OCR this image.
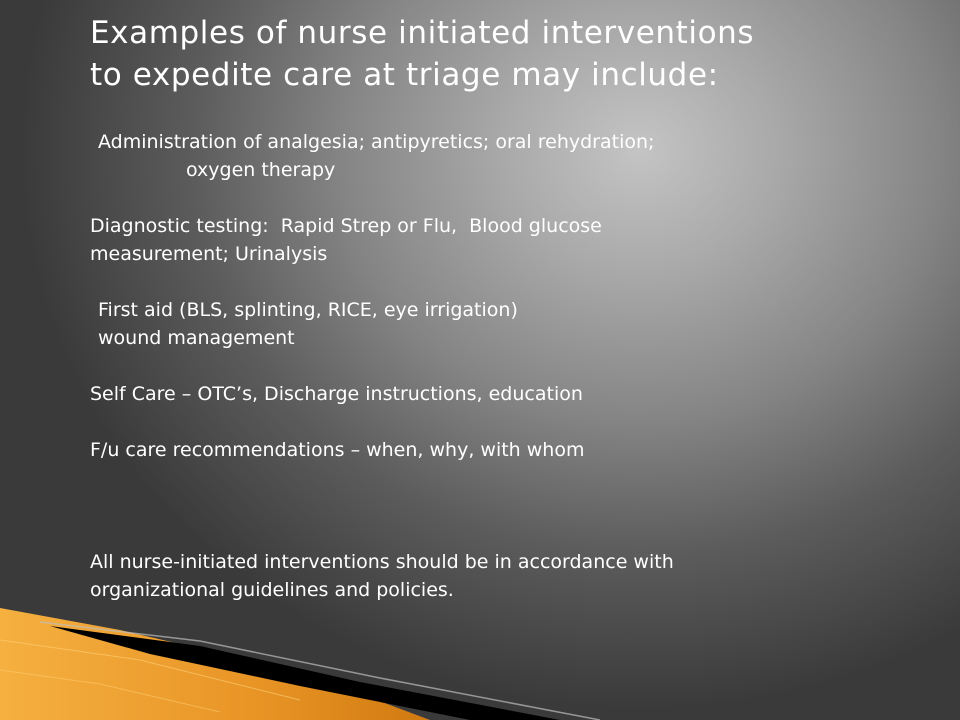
Examples of nurse initiated interventions
to expedite care at triage may include:
Administration of analgesia; antipyretics; oral rehydration;
oxygen therapy
Diagnostic testing:  Rapid Strep or Flu,  Blood glucose
measurement; Urinalysis
First aid (BLS, splinting, RICE, eye irrigation)
wound management
Self Care – OTC’s, Discharge instructions, education
F/u care recommendations – when, why, with whom
All nurse-initiated interventions should be in accordance with
organizational guidelines and policies.
